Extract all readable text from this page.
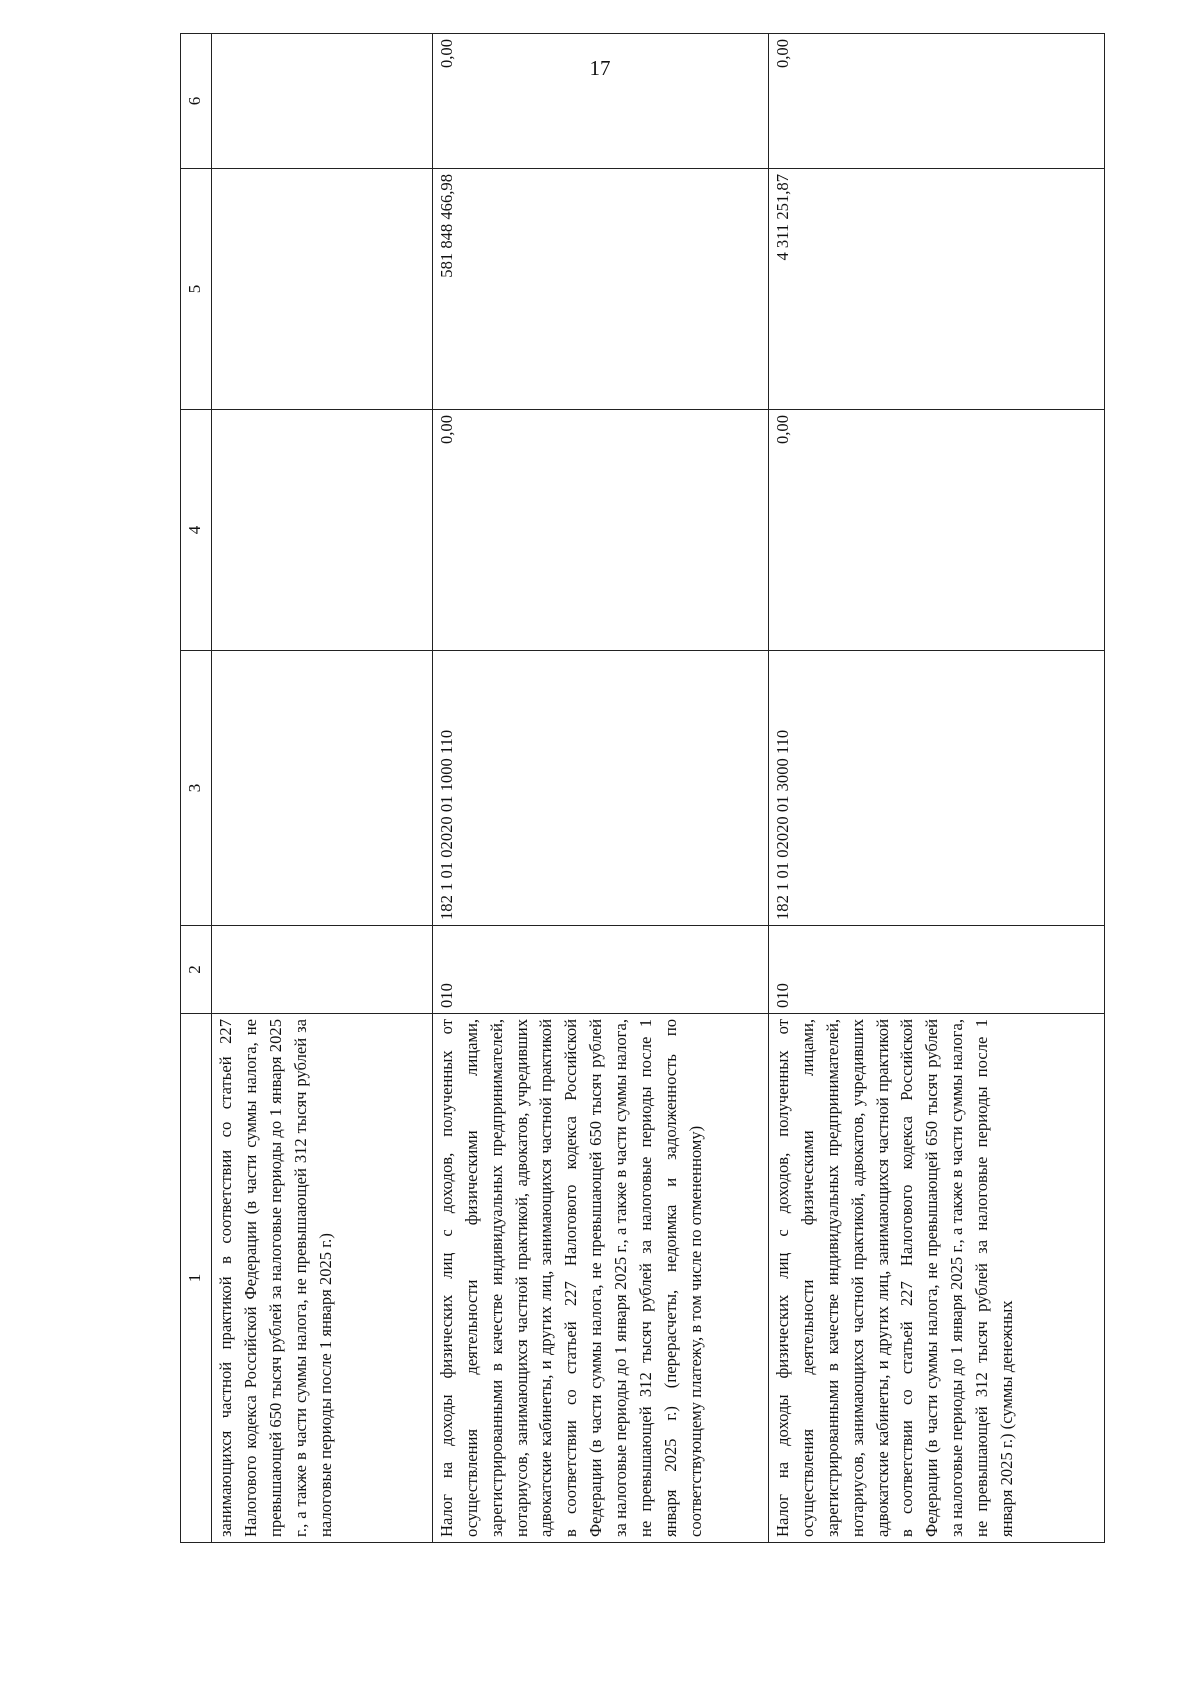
17
1	2	3	4	5	6
занимающихся частной практикой в соответствии со статьей 227 Налогового кодекса Российской Федерации (в части суммы налога, не превышающей 650 тысяч рублей за налоговые периоды до 1 января 2025 г., а также в части суммы налога, не превышающей 312 тысяч рублей за налоговые периоды после 1 января 2025 г.)					
Налог на доходы физических лиц с доходов, полученных от осуществления деятельности физическими лицами, зарегистрированными в качестве индивидуальных предпринимателей, нотариусов, занимающихся частной практикой, адвокатов, учредивших адвокатские кабинеты, и других лиц, занимающихся частной практикой в соответствии со статьей 227 Налогового кодекса Российской Федерации (в части суммы налога, не превышающей 650 тысяч рублей за налоговые периоды до 1 января 2025 г., а также в части суммы налога, не превышающей 312 тысяч рублей за налоговые периоды после 1 января 2025 г.) (перерасчеты, недоимка и задолженность по соответствующему платежу, в том числе по отмененному)	010	182 1 01 02020 01 1000 110	0,00	581 848 466,98	0,00
Налог на доходы физических лиц с доходов, полученных от осуществления деятельности физическими лицами, зарегистрированными в качестве индивидуальных предпринимателей, нотариусов, занимающихся частной практикой, адвокатов, учредивших адвокатские кабинеты, и других лиц, занимающихся частной практикой в соответствии со статьей 227 Налогового кодекса Российской Федерации (в части суммы налога, не превышающей 650 тысяч рублей за налоговые периоды до 1 января 2025 г., а также в части суммы налога, не превышающей 312 тысяч рублей за налоговые периоды после 1 января 2025 г.) (суммы денежных	010	182 1 01 02020 01 3000 110	0,00	4 311 251,87	0,00
